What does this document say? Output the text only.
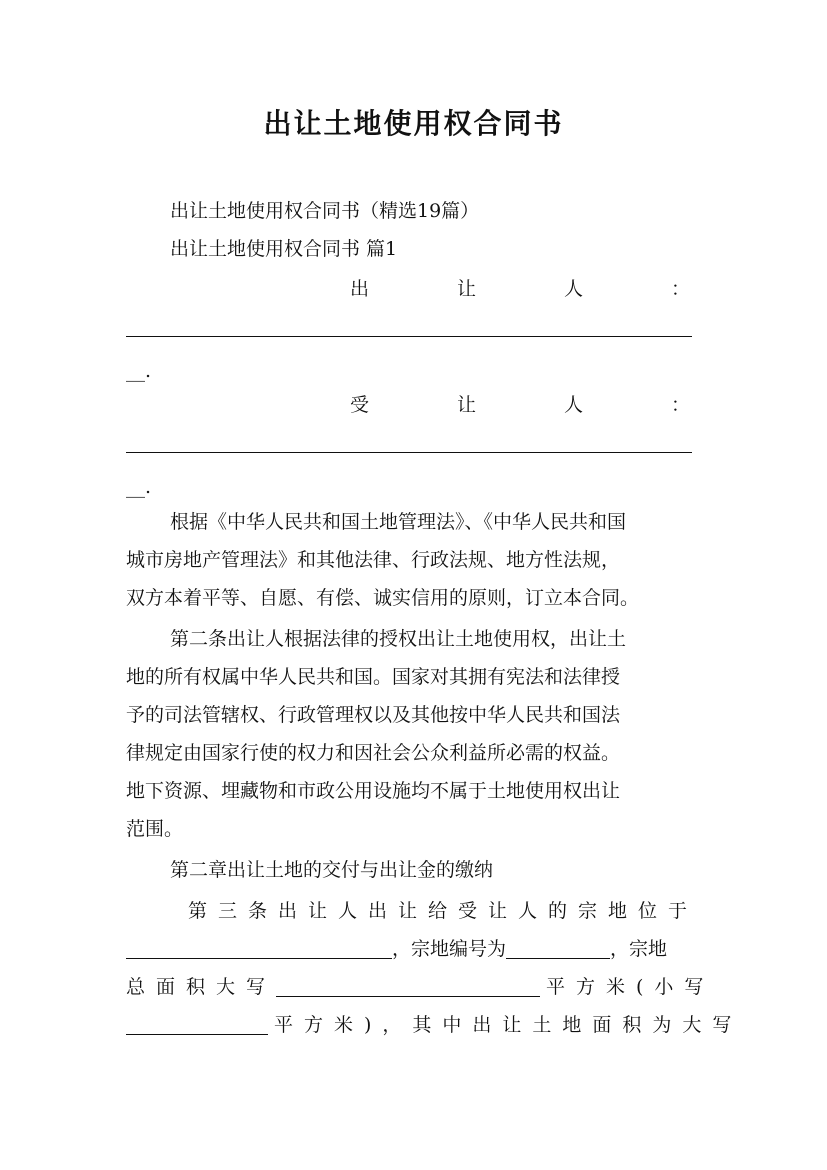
出让土地使用权合同书
出让土地使用权合同书（精选19篇）
出让土地使用权合同书 篇1
出	让	人	：
__.
受	让	人	：
__.
根据《中华人民共和国土地管理法》、《中华人民共和国
城市房地产管理法》和其他法律、行政法规、地方性法规，
双方本着平等、自愿、有偿、诚实信用的原则，订立本合同。
第二条出让人根据法律的授权出让土地使用权，出让土
地的所有权属中华人民共和国。国家对其拥有宪法和法律授
予的司法管辖权、行政管理权以及其他按中华人民共和国法
律规定由国家行使的权力和因社会公众利益所必需的权益。
地下资源、埋藏物和市政公用设施均不属于土地使用权出让
范围。
第二章出让土地的交付与出让金的缴纳
第三条出让人出让给受让人的宗地位于
，宗地编号为	，宗地
总面积大写	平方米(小写
平方米)，其中出让土地面积为大写
